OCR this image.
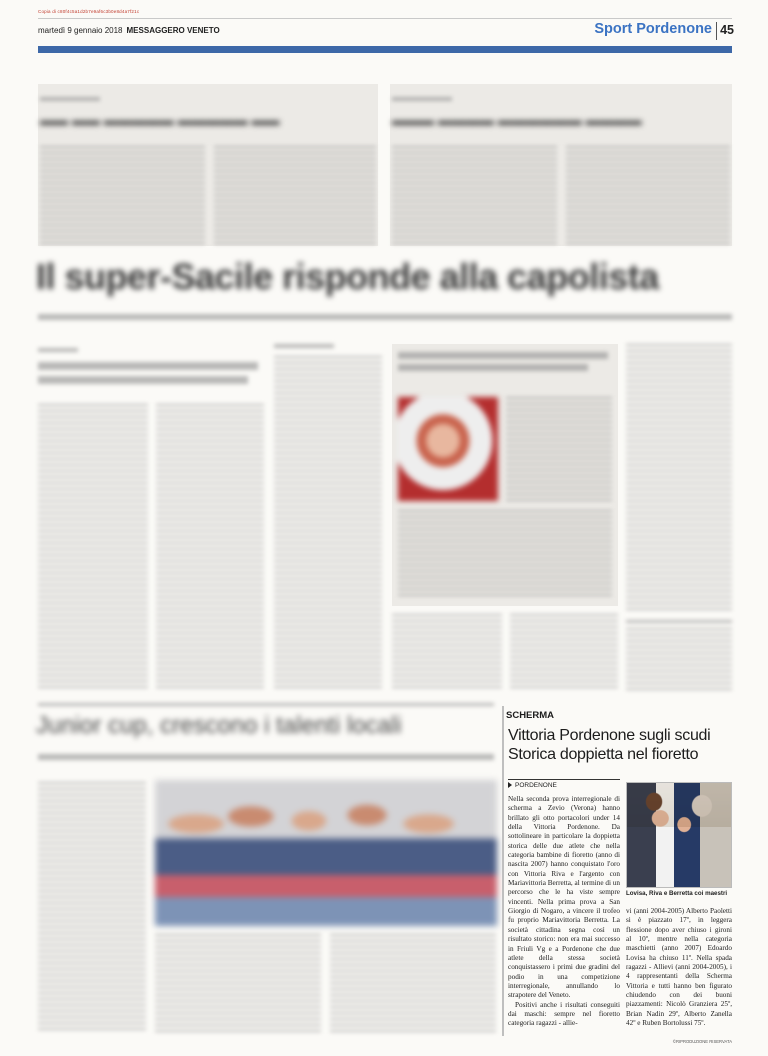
Copia di c80f4c5a1d2b7e9af6c3b0e8d4a7f21c
martedì 9 gennaio 2018 MESSAGGERO VENETO	Sport Pordenone 45
▬▬ ▬▬ ▬▬▬▬▬ ▬▬▬▬▬ ▬▬	▬▬▬ ▬▬▬▬ ▬▬▬▬▬▬ ▬▬▬▬
Il super-Sacile risponde alla capolista
Junior cup, crescono i talenti locali	SCHERMA
Vittoria Pordenone sugli scudi
Storica doppietta nel fioretto
PORDENONE

Nella seconda prova interregionale di scherma a Zevio (Verona) hanno brillato gli otto portacolori under 14 della Vittoria Pordenone. Da sottolineare in particolare la doppietta storica delle due atlete che nella categoria bambine di fioretto (anno di nascita 2007) hanno conquistato l'oro con Vittoria Riva e l'argento con Mariavittoria Berretta, al termine di un percorso che le ha viste sempre vincenti. Nella prima prova a San Giorgio di Nogaro, a vincere il trofeo fu proprio Mariavittoria Berretta. La società cittadina segna così un risultato storico: non era mai successo in Friuli Vg e a Pordenone che due atlete della stessa società conquistassero i primi due gradini del podio in una competizione interregionale, annullando lo strapotere del Veneto.

Positivi anche i risultati conseguiti dai maschi: sempre nel fioretto categoria ragazzi - allie-

Lovisa, Riva e Berretta coi maestri

vi (anni 2004-2005) Alberto Paoletti si è piazzato 17º, in leggera flessione dopo aver chiuso i gironi al 10º, mentre nella categoria maschietti (anno 2007) Edoardo Lovisa ha chiuso 11º. Nella spada ragazzi - Allievi (anni 2004-2005), i 4 rappresentanti della Scherma Vittoria e tutti hanno ben figurato chiudendo con dei buoni piazzamenti: Nicolò Granziera 25º, Brian Nadin 29º, Alberto Zanella 42º e Ruben Bortolussi 75º.

©RIPRODUZIONE RISERVATA
